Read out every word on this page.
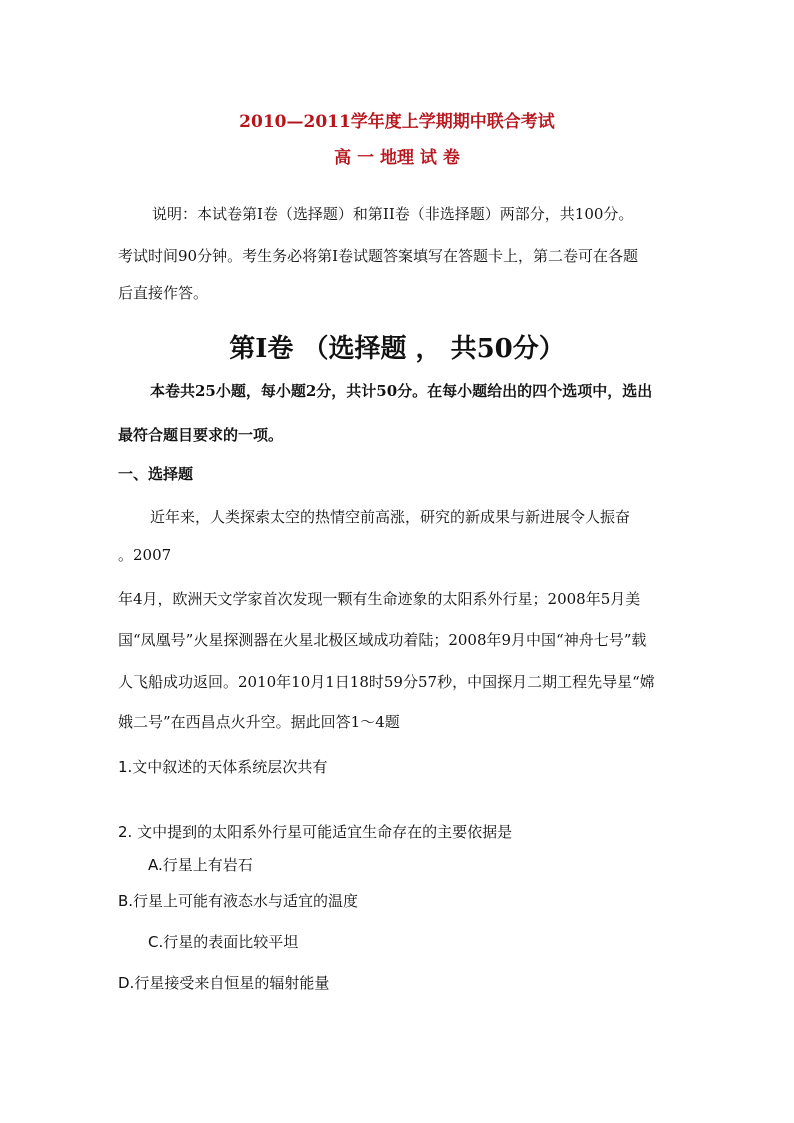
2010—2011学年度上学期期中联合考试
高 一 地理 试 卷
说明：本试卷第I卷（选择题）和第II卷（非选择题）两部分，共100分。
考试时间90分钟。考生务必将第I卷试题答案填写在答题卡上，第二卷可在各题
后直接作答。
第I卷 （选择题 ， 共50分）
本卷共25小题，每小题2分，共计50分。在每小题给出的四个选项中，选出
最符合题目要求的一项。
一、选择题
近年来，人类探索太空的热情空前高涨，研究的新成果与新进展令人振奋
。2007
年4月，欧洲天文学家首次发现一颗有生命迹象的太阳系外行星；2008年5月美
国“凤凰号”火星探测器在火星北极区域成功着陆；2008年9月中国“神舟七号”载
人飞船成功返回。2010年10月1日18时59分57秒，中国探月二期工程先导星“嫦
娥二号”在西昌点火升空。据此回答1～4题
1.文中叙述的天体系统层次共有
2. 文中提到的太阳系外行星可能适宜生命存在的主要依据是
A.行星上有岩石
B.行星上可能有液态水与适宜的温度
C.行星的表面比较平坦
D.行星接受来自恒星的辐射能量
